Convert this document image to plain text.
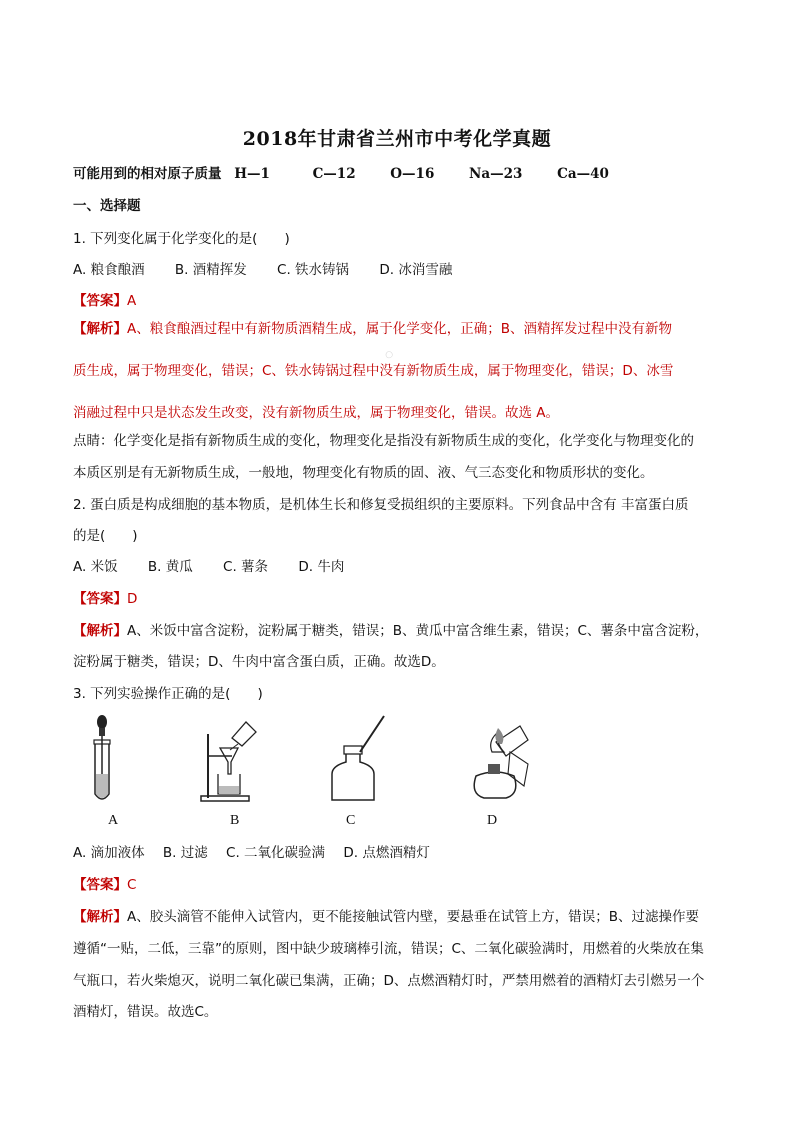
2018年甘肃省兰州市中考化学真题
可能用到的相对原子质量 H—1	C—12	O—16	Na—23	Ca—40
一、选择题
1. 下列变化属于化学变化的是(　　)
A. 粮食酿酒 B. 酒精挥发 C. 铁水铸锅 D. 冰消雪融
【答案】A
【解析】A、粮食酿酒过程中有新物质酒精生成，属于化学变化，正确；B、酒精挥发过程中没有新物
质生成，属于物理变化，错误；C、铁水铸锅过程中没有新物质生成，属于物理变化，错误；D、冰雪
消融过程中只是状态发生改变，没有新物质生成，属于物理变化，错误。故选 A。
点睛：化学变化是指有新物质生成的变化，物理变化是指没有新物质生成的变化，化学变化与物理变化的
本质区别是有无新物质生成，一般地，物理变化有物质的固、液、气三态变化和物质形状的变化。
○
2. 蛋白质是构成细胞的基本物质，是机体生长和修复受损组织的主要原料。下列食品中含有 丰富蛋白质
的是(　　)
A. 米饭 B. 黄瓜 C. 薯条 D. 牛肉
【答案】D
【解析】A、米饭中富含淀粉，淀粉属于糖类，错误；B、黄瓜中富含维生素，错误；C、薯条中富含淀粉，
淀粉属于糖类，错误；D、牛肉中富含蛋白质，正确。故选D。
3. 下列实验操作正确的是(　　)
A	B	C	D
A. 滴加液体 B. 过滤 C. 二氧化碳验满 D. 点燃酒精灯
【答案】C
【解析】A、胶头滴管不能伸入试管内，更不能接触试管内壁，要悬垂在试管上方，错误；B、过滤操作要
遵循“一贴，二低，三靠”的原则，图中缺少玻璃棒引流，错误；C、二氧化碳验满时，用燃着的火柴放在集
气瓶口，若火柴熄灭，说明二氧化碳已集满，正确；D、点燃酒精灯时，严禁用燃着的酒精灯去引燃另一个
酒精灯，错误。故选C。
